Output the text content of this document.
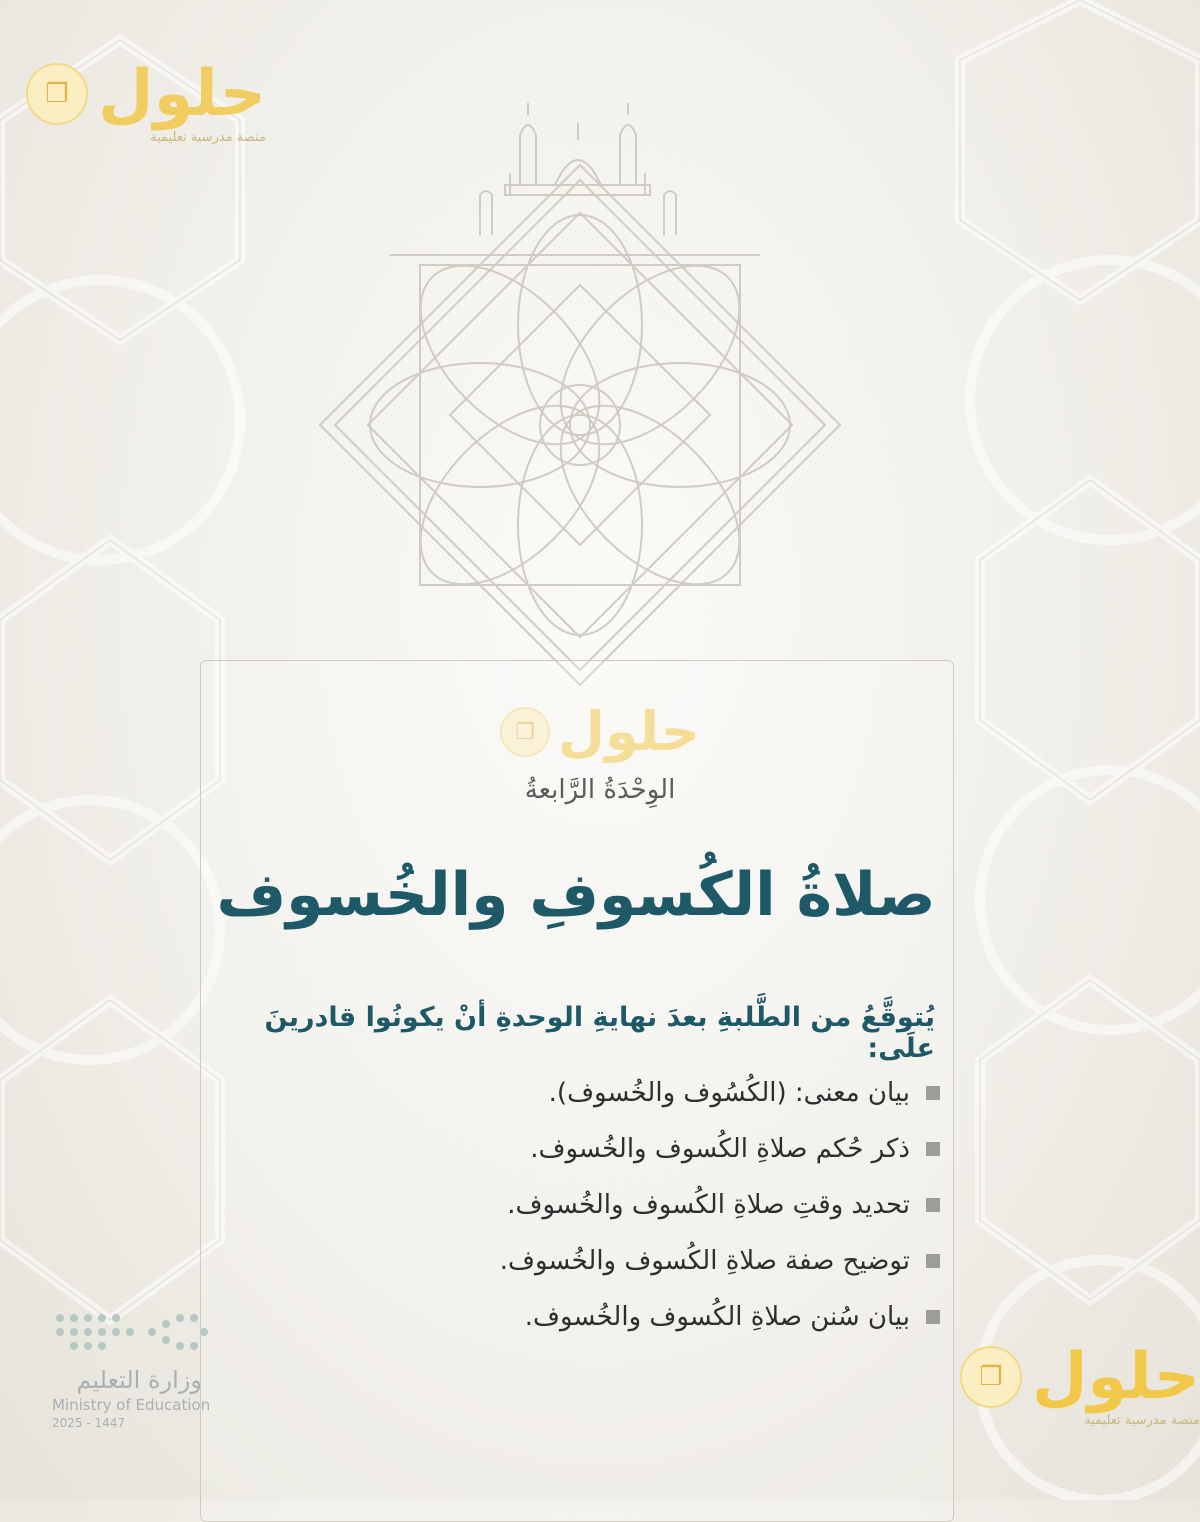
❐ حلول
الوِحْدَةُ الرَّابعةُ
صلاةُ الكُسوفِ والخُسوف
يُتوقَّعُ من الطَّلبةِ بعدَ نهايةِ الوحدةِ أنْ يكونُوا قادرينَ علَى:
بيان معنى: (الكُسُوف والخُسوف).
ذكر حُكم صلاةِ الكُسوف والخُسوف.
تحديد وقتِ صلاةِ الكُسوف والخُسوف.
توضيح صفة صلاةِ الكُسوف والخُسوف.
بيان سُنن صلاةِ الكُسوف والخُسوف.
❐ حلول
منصة مدرسية تعليمية
❐ حلول
منصة مدرسية تعليمية
وزارة التعليم
Ministry of Education
2025 - 1447
